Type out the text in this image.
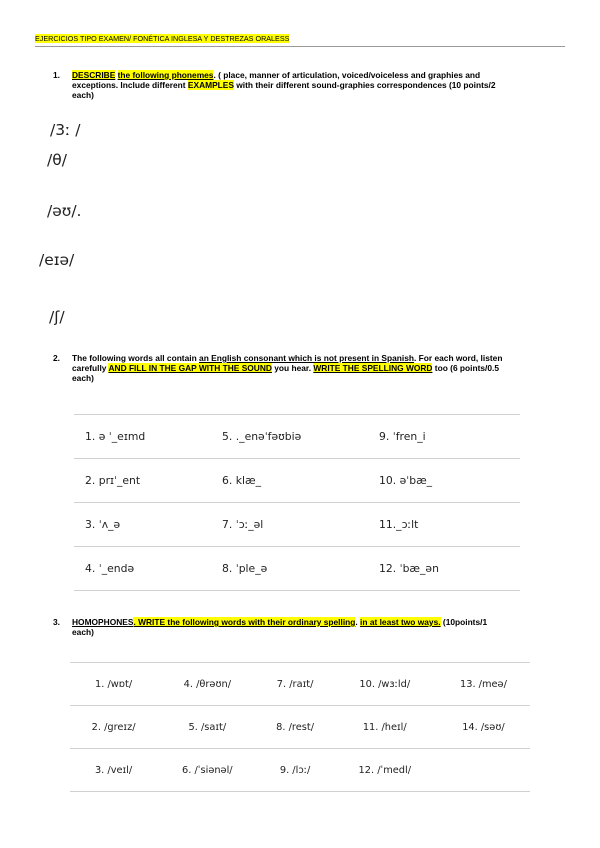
EJERCICIOS TIPO EXAMEN/ FONÉTICA INGLESA Y DESTREZAS ORALESS
1. DESCRIBE the following phonemes. ( place, manner of articulation, voiced/voiceless and graphies and
exceptions. Include different EXAMPLES with their different sound-graphies correspondences (10 points/2
each)
/3ː /
/θ/
/əʊ/.
/eɪə/
/ʃ/
2. The following words all contain an English consonant which is not present in Spanish. For each word, listen
carefully AND FILL IN THE GAP WITH THE SOUND you hear. WRITE THE SPELLING WORD too (6 points/0.5
each)
1. ə ˈ_eɪmd	5. ._enəˈfəʊbiə	9. ˈfren_i
2. prɪˈ_ent	6. klæ_	10. əˈbæ_
3. ˈʌ_ə	7. ˈɔː_əl	11._ɔːlt
4. ˈ_endə	8. ˈple_ə	12. ˈbæ_ən
3. HOMOPHONES. WRITE the following words with their ordinary spelling. in at least two ways. (10points/1
each)
1. /wɒt/	4. /θrəʊn/	7. /raɪt/	10. /wɜːld/	13. /meə/
2. /greɪz/	5. /saɪt/	8. /rest/	11. /heɪl/	14. /səʊ/
3. /veɪl/	6. /ˈsiənəl/	9. /lɔː/	12. /ˈmedl/	
